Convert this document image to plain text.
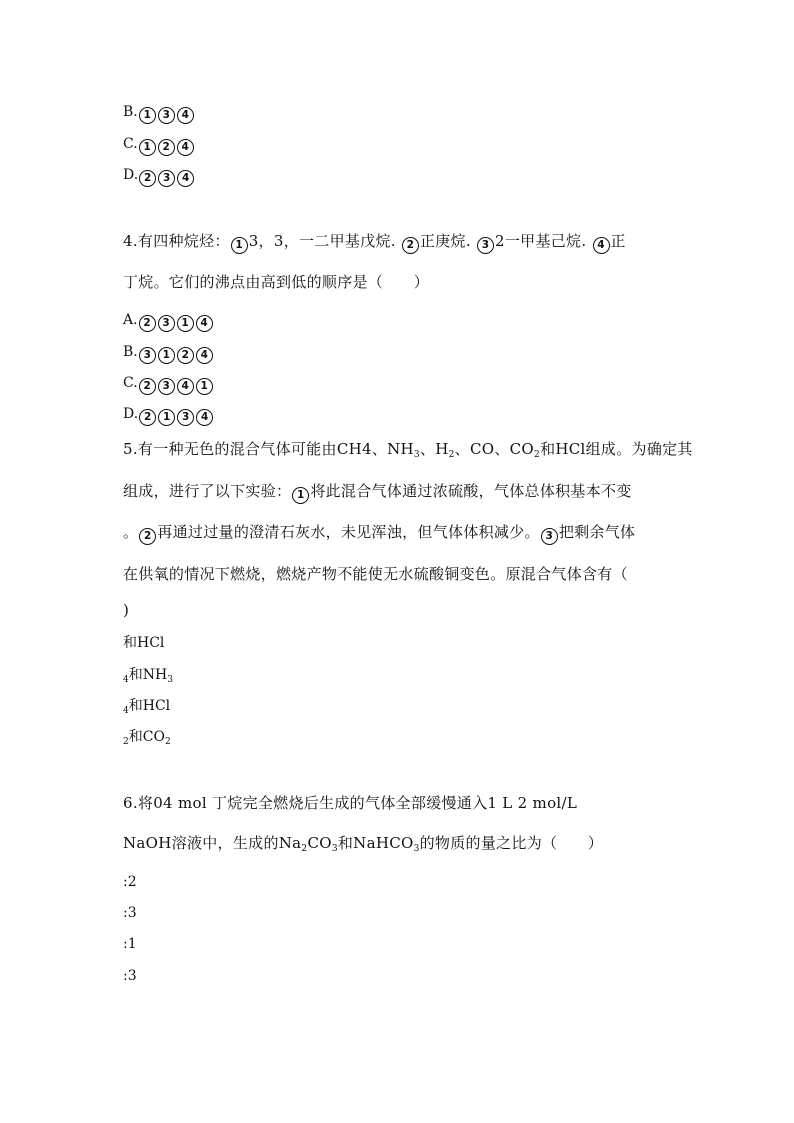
B. 1 3 4
C. 1 2 4
D. 2 3 4
4.有四种烷烃： 1 3，3，一二甲基戊烷. 2 正庚烷. 3 2一甲基己烷. 4 正
丁烷。它们的沸点由高到低的顺序是（　　）
A. 2 3 1 4
B. 3 1 2 4
C. 2 3 4 1
D. 2 1 3 4
5.有一种无色的混合气体可能由CH4、$NH_3$、$H_2$、CO、$CO_2$和HCl组成。为确定其
组成，进行了以下实验： 1 将此混合气体通过浓硫酸，气体总体积基本不变
。 2 再通过过量的澄清石灰水，未见浑浊，但气体体积减少。 3 把剩余气体
在供氧的情况下燃烧，燃烧产物不能使无水硫酸铜变色。原混合气体含有（
)
和HCl
$_4$和$NH_3$
$_4$和HCl
$_2$和$CO_2$
6.将04 mol 丁烷完全燃烧后生成的气体全部缓慢通入1 L 2 mol/L
NaOH溶液中，生成的$Na_2CO_3$和NaHCO$_3$的物质的量之比为（　　）
:2
:3
:1
:3
